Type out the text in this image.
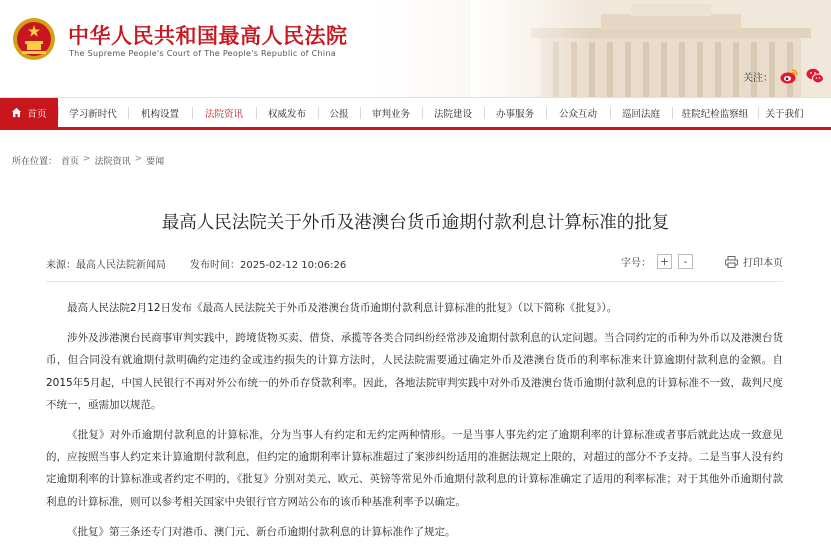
中华人民共和国最高人民法院
The Supreme People's Court of The People's Republic of China
关注：
首页	学习新时代	机构设置	法院资讯	权威发布	公报	审判业务	法院建设	办事服务	公众互动	巡回法庭	驻院纪检监察组	关于我们
所在位置： 首页 > 法院资讯 > 要闻
最高人民法院关于外币及港澳台货币逾期付款利息计算标准的批复
来源：最高人民法院新闻局 发布时间：2025-02-12 10:06:26	字号： +	-	打印本页

最高人民法院2月12日发布《最高人民法院关于外币及港澳台货币逾期付款利息计算标准的批复》（以下简称《批复》）。

涉外及涉港澳台民商事审判实践中，跨境货物买卖、借贷、承揽等各类合同纠纷经常涉及逾期付款利息的认定问题。当合同约定的币种为外币以及港澳台货币，但合同没有就逾期付款明确约定违约金或违约损失的计算方法时，人民法院需要通过确定外币及港澳台货币的利率标准来计算逾期付款利息的金额。自2015年5月起，中国人民银行不再对外公布统一的外币存贷款利率。因此，各地法院审判实践中对外币及港澳台货币逾期付款利息的计算标准不一致，裁判尺度不统一，亟需加以规范。

《批复》对外币逾期付款利息的计算标准，分为当事人有约定和无约定两种情形。一是当事人事先约定了逾期利率的计算标准或者事后就此达成一致意见的，应按照当事人约定来计算逾期付款利息，但约定的逾期利率计算标准超过了案涉纠纷适用的准据法规定上限的，对超过的部分不予支持。二是当事人没有约定逾期利率的计算标准或者约定不明的，《批复》分别对美元、欧元、英镑等常见外币逾期付款利息的计算标准确定了适用的利率标准；对于其他外币逾期付款利息的计算标准，则可以参考相关国家中央银行官方网站公布的该币种基准利率予以确定。

《批复》第三条还专门对港币、澳门元、新台币逾期付款利息的计算标准作了规定。
